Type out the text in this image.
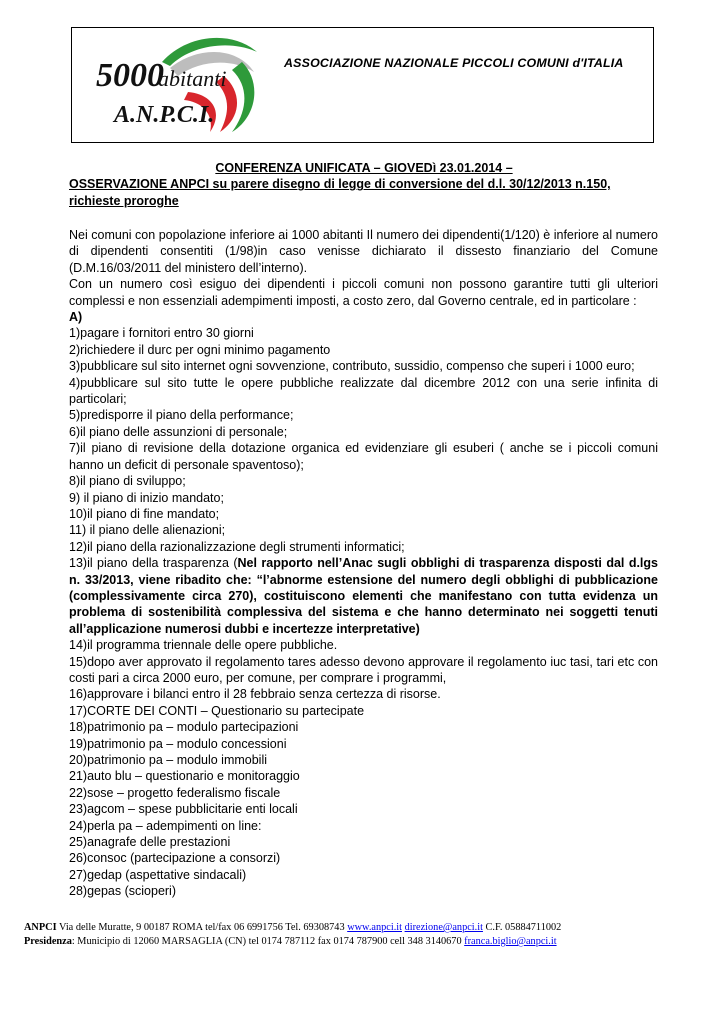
5000
abitanti
A.N.P.C.I.
ASSOCIAZIONE NAZIONALE PICCOLI COMUNI d'ITALIA
CONFERENZA UNIFICATA – GIOVEDì 23.01.2014 –
OSSERVAZIONE ANPCI su parere disegno di legge di conversione del d.l. 30/12/2013 n.150, richieste proroghe

Nei comuni con popolazione inferiore ai 1000 abitanti Il numero dei dipendenti(1/120) è inferiore al numero di dipendenti consentiti (1/98)in caso venisse dichiarato il dissesto finanziario del Comune (D.M.16/03/2011 del ministero dell’interno).

Con un numero così esiguo dei dipendenti i piccoli comuni non possono garantire tutti gli ulteriori complessi e non essenziali adempimenti imposti, a costo zero, dal Governo centrale, ed in particolare :

A)

1)pagare i fornitori entro 30 giorni

2)richiedere il durc per ogni minimo pagamento

3)pubblicare sul sito internet ogni sovvenzione, contributo, sussidio, compenso che superi i 1000 euro;

4)pubblicare sul sito tutte le opere pubbliche realizzate dal dicembre 2012 con una serie infinita di particolari;

5)predisporre il piano della performance;

6)il piano delle assunzioni di personale;

7)il piano di revisione della dotazione organica ed evidenziare gli esuberi ( anche se i piccoli comuni hanno un deficit di personale spaventoso);

8)il piano di sviluppo;

9) il piano di inizio mandato;

10)il piano di fine mandato;

11) il piano delle alienazioni;

12)il piano della razionalizzazione degli strumenti informatici;

13)il piano della trasparenza (Nel rapporto nell’Anac sugli obblighi di trasparenza disposti dal d.lgs n. 33/2013, viene ribadito che: “l’abnorme estensione del numero degli obblighi di pubblicazione (complessivamente circa 270), costituiscono elementi che manifestano con tutta evidenza un problema di sostenibilità complessiva del sistema e che hanno determinato nei soggetti tenuti all’applicazione numerosi dubbi e incertezze interpretative)

14)il programma triennale delle opere pubbliche.

15)dopo aver approvato il regolamento tares adesso devono approvare il regolamento iuc tasi, tari etc con costi pari a circa 2000 euro, per comune, per comprare i programmi,

16)approvare i bilanci entro il 28 febbraio senza certezza di risorse.

17)CORTE DEI CONTI – Questionario su partecipate

18)patrimonio pa – modulo partecipazioni

19)patrimonio pa – modulo concessioni

20)patrimonio pa – modulo immobili

21)auto blu – questionario e monitoraggio

22)sose – progetto federalismo fiscale

23)agcom – spese pubblicitarie enti locali

24)perla pa – adempimenti on line:

25)anagrafe delle prestazioni

26)consoc (partecipazione a consorzi)

27)gedap (aspettative sindacali)

28)gepas (scioperi)

ANPCI Via delle Muratte, 9 00187 ROMA tel/fax 06 6991756 Tel. 69308743 www.anpci.it direzione@anpci.it C.F. 05884711002
Presidenza: Municipio di 12060 MARSAGLIA (CN) tel 0174 787112 fax 0174 787900 cell 348 3140670 franca.biglio@anpci.it
